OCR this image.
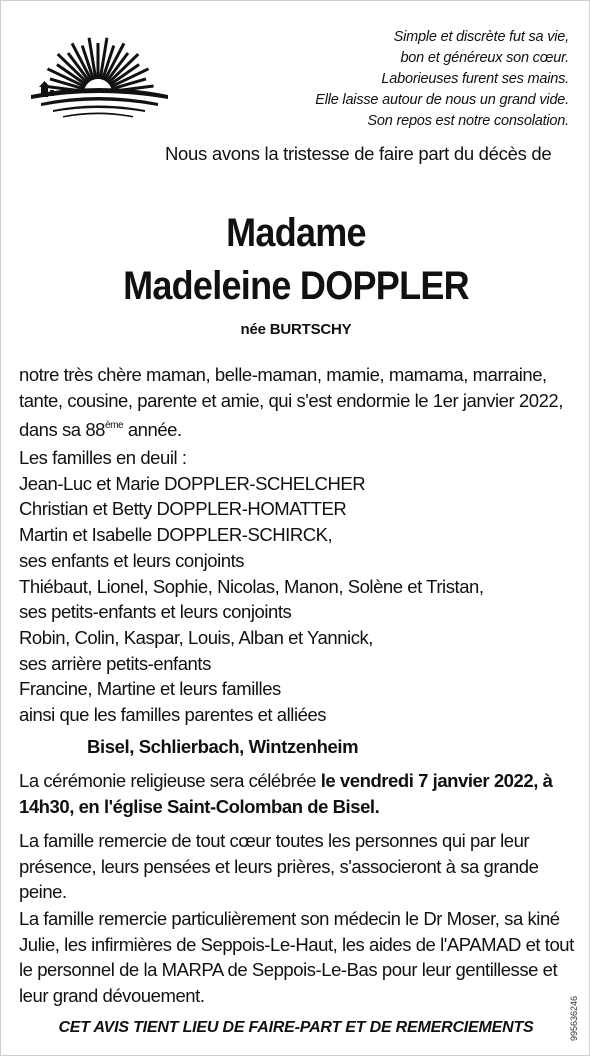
Simple et discrète fut sa vie,
bon et généreux son cœur.
Laborieuses furent ses mains.
Elle laisse autour de nous un grand vide.
Son repos est notre consolation.
Nous avons la tristesse de faire part du décès de
Madame
Madeleine DOPPLER
née BURTSCHY
notre très chère maman, belle-maman, mamie, mamama, marraine, tante, cousine, parente et amie, qui s'est endormie le 1er janvier 2022, dans sa 88ème année.
Les familles en deuil :
Jean-Luc et Marie DOPPLER-SCHELCHER
Christian et Betty DOPPLER-HOMATTER
Martin et Isabelle DOPPLER-SCHIRCK,
ses enfants et leurs conjoints
Thiébaut, Lionel, Sophie, Nicolas, Manon, Solène et Tristan,
ses petits-enfants et leurs conjoints
Robin, Colin, Kaspar, Louis, Alban et Yannick,
ses arrière petits-enfants
Francine, Martine et leurs familles
ainsi que les familles parentes et alliées
Bisel, Schlierbach, Wintzenheim
La cérémonie religieuse sera célébrée le vendredi 7 janvier 2022, à 14h30, en l'église Saint-Colomban de Bisel.
La famille remercie de tout cœur toutes les personnes qui par leur présence, leurs pensées et leurs prières, s'associeront à sa grande peine.
La famille remercie particulièrement son médecin le Dr Moser, sa kiné Julie, les infirmières de Seppois-Le-Haut, les aides de l'APAMAD et tout le personnel de la MARPA de Seppois-Le-Bas pour leur gentillesse et leur grand dévouement.
CET AVIS TIENT LIEU DE FAIRE-PART ET DE REMERCIEMENTS	995636246
